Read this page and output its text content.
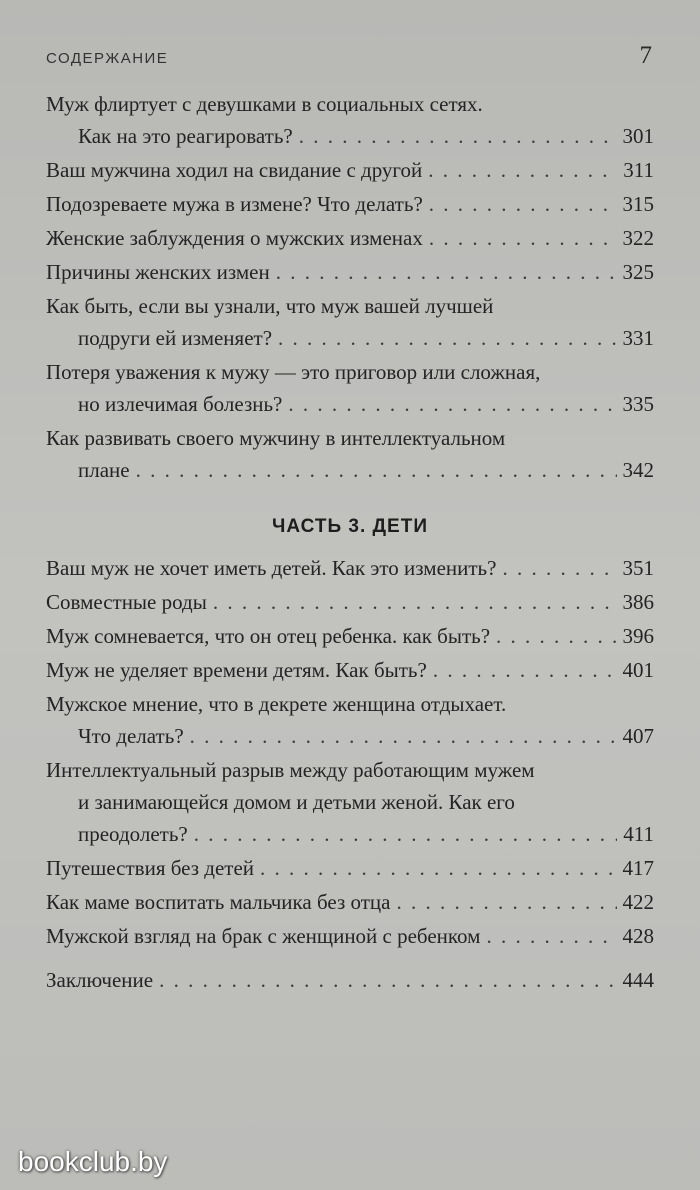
СОДЕРЖАНИЕ	7
Муж флиртует с девушками в социальных сетях.
Как на это реагировать? . . .	301
Ваш мужчина ходил на свидание с другой . . .	311
Подозреваете мужа в измене? Что делать? . . .	315
Женские заблуждения о мужских изменах . . .	322
Причины женских измен . . .	325
Как быть, если вы узнали, что муж вашей лучшей
подруги ей изменяет? . . .	331
Потеря уважения к мужу — это приговор или сложная,
но излечимая болезнь? . . .	335
Как развивать своего мужчину в интеллектуальном
плане . . .	342
ЧАСТЬ 3. ДЕТИ
Ваш муж не хочет иметь детей. Как это изменить? . . .	351
Совместные роды . . .	386
Муж сомневается, что он отец ребенка. как быть? . . .	396
Муж не уделяет времени детям. Как быть? . . .	401
Мужское мнение, что в декрете женщина отдыхает.
Что делать? . . .	407
Интеллектуальный разрыв между работающим мужем
и занимающейся домом и детьми женой. Как его
преодолеть? . . .	411
Путешествия без детей . . .	417
Как маме воспитать мальчика без отца . . .	422
Мужской взгляд на брак с женщиной с ребенком . . .	428
Заключение . . .	444
bookclub.by
